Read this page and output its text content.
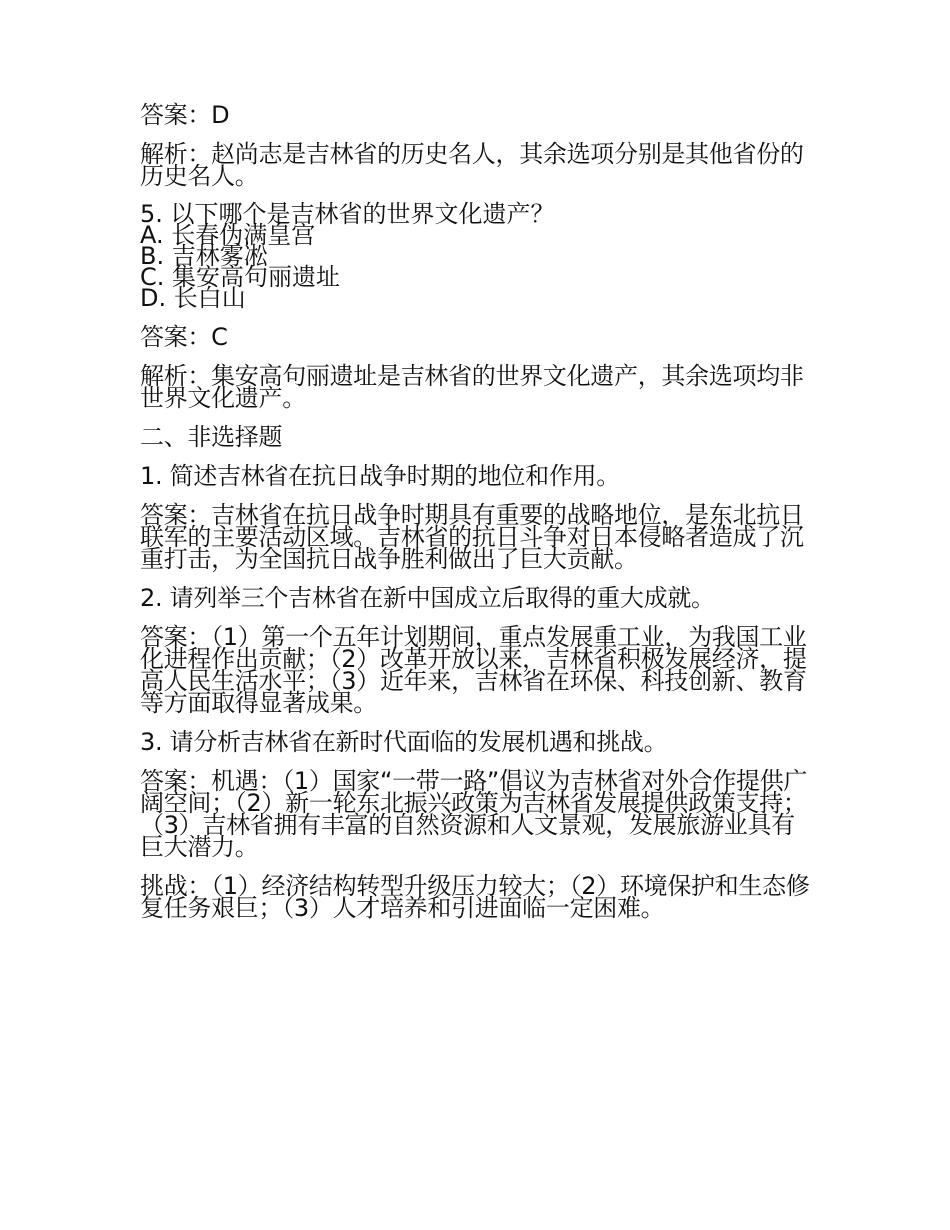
答案：D

解析：赵尚志是吉林省的历史名人，其余选项分别是其他省份的历史名人。

5. 以下哪个是吉林省的世界文化遗产？
A. 长春伪满皇宫
B. 吉林雾凇
C. 集安高句丽遗址
D. 长白山

答案：C

解析：集安高句丽遗址是吉林省的世界文化遗产，其余选项均非世界文化遗产。

二、非选择题

1. 简述吉林省在抗日战争时期的地位和作用。

答案：吉林省在抗日战争时期具有重要的战略地位，是东北抗日联军的主要活动区域。吉林省的抗日斗争对日本侵略者造成了沉重打击，为全国抗日战争胜利做出了巨大贡献。

2. 请列举三个吉林省在新中国成立后取得的重大成就。

答案：（1）第一个五年计划期间，重点发展重工业，为我国工业化进程作出贡献；（2）改革开放以来，吉林省积极发展经济，提高人民生活水平；（3）近年来，吉林省在环保、科技创新、教育等方面取得显著成果。

3. 请分析吉林省在新时代面临的发展机遇和挑战。

答案：机遇：（1）国家“一带一路”倡议为吉林省对外合作提供广阔空间；（2）新一轮东北振兴政策为吉林省发展提供政策支持；（3）吉林省拥有丰富的自然资源和人文景观，发展旅游业具有巨大潜力。

挑战：（1）经济结构转型升级压力较大；（2）环境保护和生态修复任务艰巨；（3）人才培养和引进面临一定困难。
